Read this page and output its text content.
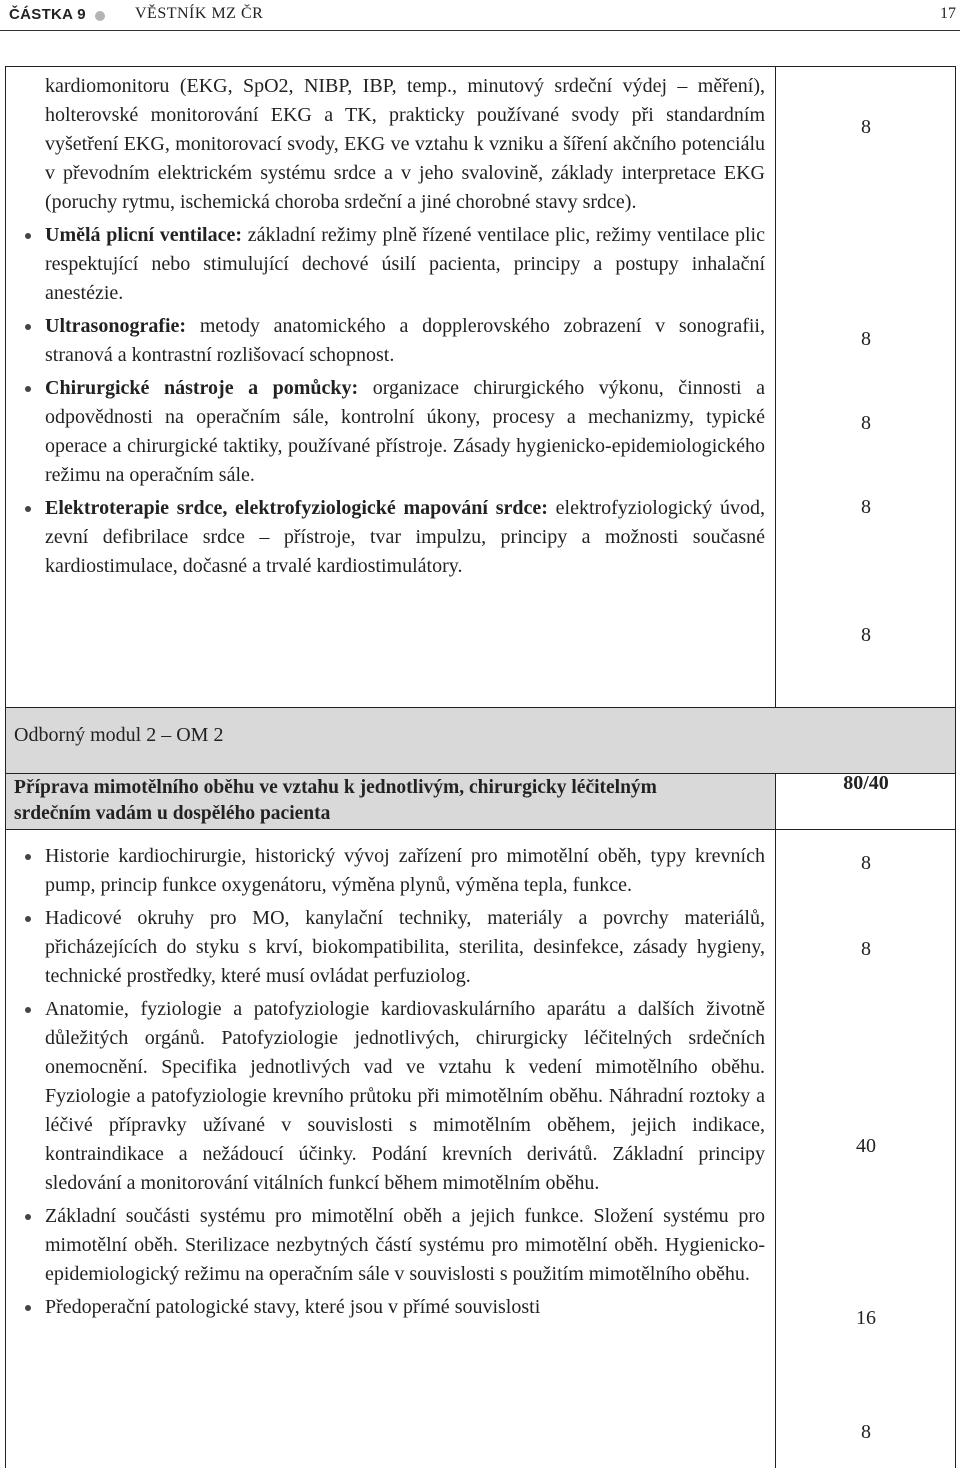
ČÁSTKA 9	VĚSTNÍK MZ ČR	17
Odborný modul 2 – OM 2
Příprava mimotělního oběhu ve vztahu k jednotlivým, chirurgicky léčitelným srdečním vadám u dospělého pacienta

kardiomonitoru (EKG, SpO2, NIBP, IBP, temp., minutový srdeční výdej – měření), holterovské monitorování EKG a TK, prakticky používané svody při standardním vyšetření EKG, monitorovací svody, EKG ve vztahu k vzniku a šíření akčního potenciálu v převodním elektrickém systému srdce a v jeho svalovině, základy interpretace EKG (poruchy rytmu, ischemická choroba srdeční a jiné chorobné stavy srdce).

Umělá plicní ventilace: základní režimy plně řízené ventilace plic, režimy ventilace plic respektující nebo stimulující dechové úsilí pacienta, principy a postupy inhalační anestézie.

Ultrasonografie: metody anatomického a dopplerovského zobrazení v sonografii, stranová a kontrastní rozlišovací schopnost.

Chirurgické nástroje a pomůcky: organizace chirurgického výkonu, činnosti a odpovědnosti na operačním sále, kontrolní úkony, procesy a mechanizmy, typické operace a chirurgické taktiky, používané přístroje. Zásady hygienicko-epidemiologického režimu na operačním sále.

Elektroterapie srdce, elektrofyziologické mapování srdce: elektrofyziologický úvod, zevní defibrilace srdce – přístroje, tvar impulzu, principy a možnosti současné kardiostimulace, dočasné a trvalé kardiostimulátory.

8
8
8
8
8
80/40

Historie kardiochirurgie, historický vývoj zařízení pro mimotělní oběh, typy krevních pump, princip funkce oxygenátoru, výměna plynů, výměna tepla, funkce.

Hadicové okruhy pro MO, kanylační techniky, materiály a povrchy materiálů, přicházejících do styku s krví, biokompatibilita, sterilita, desinfekce, zásady hygieny, technické prostředky, které musí ovládat perfuziolog.

Anatomie, fyziologie a patofyziologie kardiovaskulárního aparátu a dalších životně důležitých orgánů. Patofyziologie jednotlivých, chirurgicky léčitelných srdečních onemocnění. Specifika jednotlivých vad ve vztahu k vedení mimotělního oběhu. Fyziologie a patofyziologie krevního průtoku při mimotělním oběhu. Náhradní roztoky a léčivé přípravky užívané v souvislosti s mimotělním oběhem, jejich indikace, kontraindikace a nežádoucí účinky. Podání krevních derivátů. Základní principy sledování a monitorování vitálních funkcí během mimotělním oběhu.

Základní součásti systému pro mimotělní oběh a jejich funkce. Složení systému pro mimotělní oběh. Sterilizace nezbytných částí systému pro mimotělní oběh. Hygienicko-epidemiologický režimu na operačním sále v souvislosti s použitím mimotělního oběhu.

Předoperační patologické stavy, které jsou v přímé souvislosti

8
8
40
16
8
